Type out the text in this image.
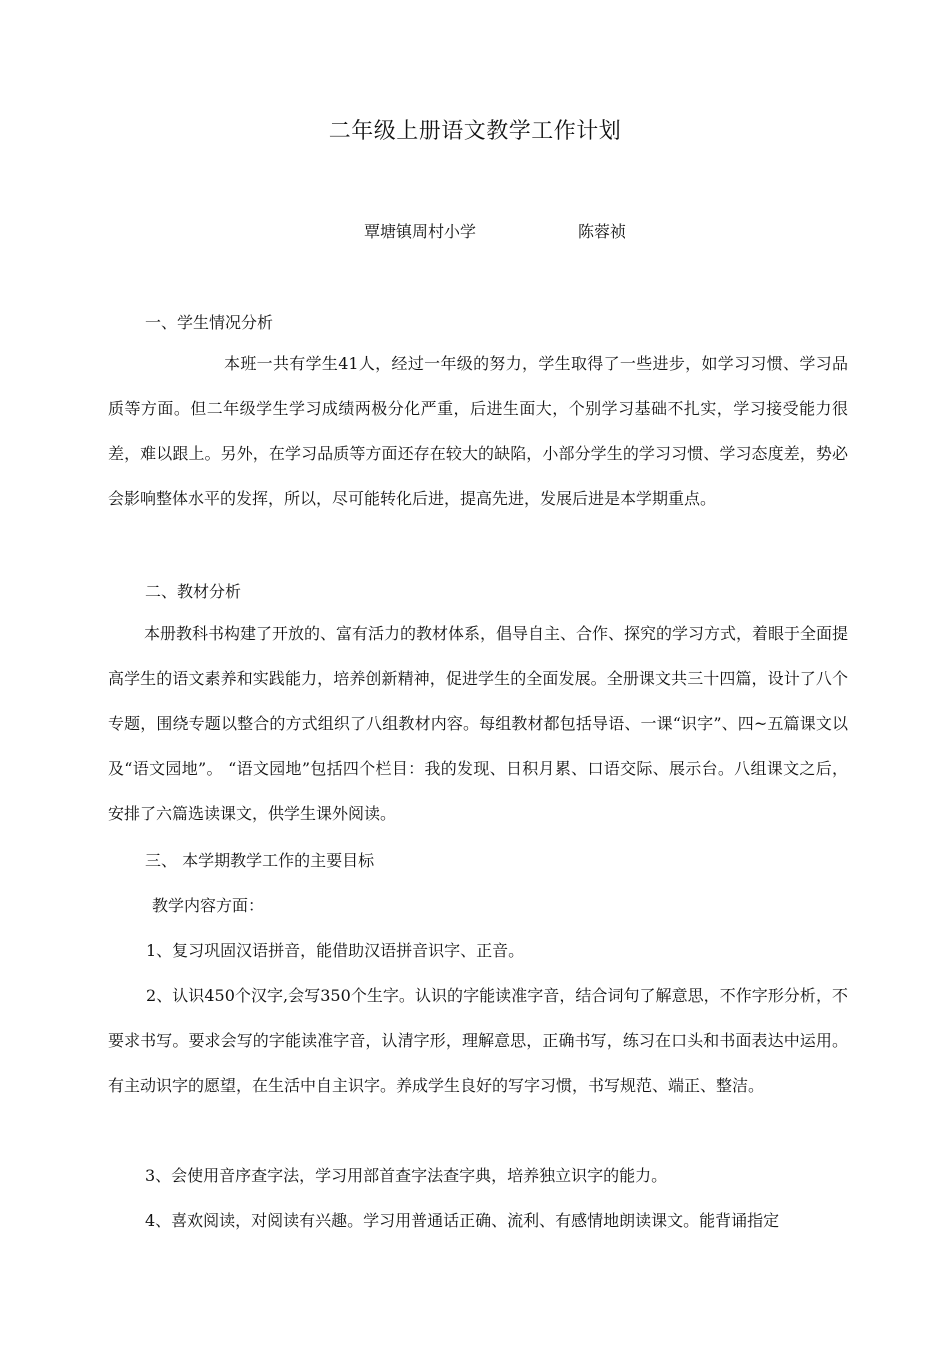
二年级上册语文教学工作计划
覃塘镇周村小学	陈蓉祯
一、学生情况分析

本班一共有学生41人，经过一年级的努力，学生取得了一些进步，如学习习惯、学习品质等方面。但二年级学生学习成绩两极分化严重，后进生面大，个别学习基础不扎实，学习接受能力很差，难以跟上。另外，在学习品质等方面还存在较大的缺陷，小部分学生的学习习惯、学习态度差，势必会影响整体水平的发挥，所以，尽可能转化后进，提高先进，发展后进是本学期重点。

二、教材分析

本册教科书构建了开放的、富有活力的教材体系，倡导自主、合作、探究的学习方式，着眼于全面提高学生的语文素养和实践能力，培养创新精神，促进学生的全面发展。全册课文共三十四篇，设计了八个专题，围绕专题以整合的方式组织了八组教材内容。每组教材都包括导语、一课“识字”、四~五篇课文以及“语文园地”。 “语文园地”包括四个栏目：我的发现、日积月累、口语交际、展示台。八组课文之后，安排了六篇选读课文，供学生课外阅读。

三、 本学期教学工作的主要目标
教学内容方面：
1、复习巩固汉语拼音，能借助汉语拼音识字、正音。

2、认识450个汉字,会写350个生字。认识的字能读准字音，结合词句了解意思，不作字形分析，不要求书写。要求会写的字能读准字音，认清字形，理解意思，正确书写，练习在口头和书面表达中运用。有主动识字的愿望，在生活中自主识字。养成学生良好的写字习惯，书写规范、端正、整洁。

3、会使用音序查字法，学习用部首查字法查字典，培养独立识字的能力。
4、喜欢阅读，对阅读有兴趣。学习用普通话正确、流利、有感情地朗读课文。能背诵指定
